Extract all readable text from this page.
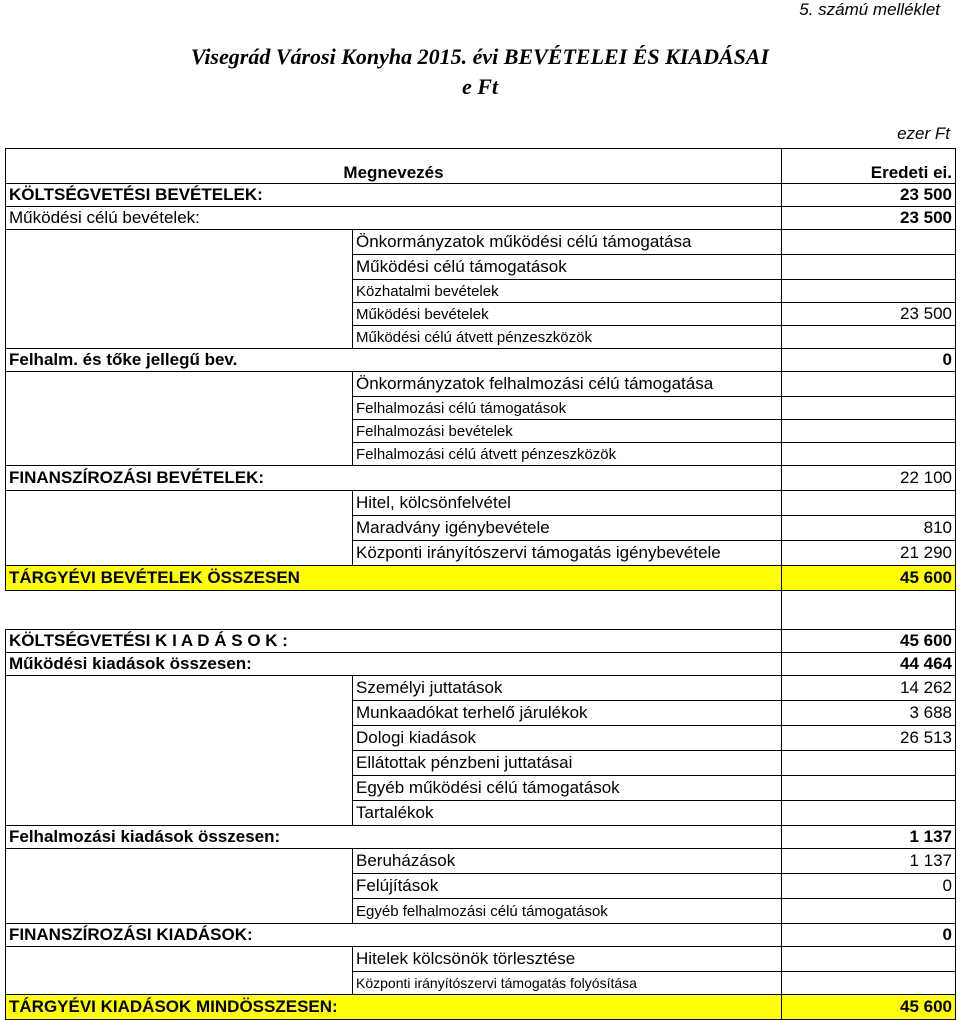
5. számú melléklet
Visegrád Városi Konyha 2015. évi BEVÉTELEI ÉS KIADÁSAI
e Ft
ezer Ft
Megnevezés		Eredeti ei.
KÖLTSÉGVETÉSI BEVÉTELEK:		23 500
Működési célú bevételek:		23 500
	Önkormányzatok működési célú támogatása	
	Működési célú támogatások	
	Közhatalmi bevételek	
	Működési bevételek	23 500
	Működési célú átvett pénzeszközök	
Felhalm. és tőke jellegű bev.		0
	Önkormányzatok felhalmozási célú támogatása	
	Felhalmozási célú támogatások	
	Felhalmozási bevételek	
	Felhalmozási célú átvett pénzeszközök	
FINANSZÍROZÁSI BEVÉTELEK:		22 100
	Hitel, kölcsönfelvétel	
	Maradvány igénybevétele	810
	Központi irányítószervi támogatás igénybevétele	21 290
TÁRGYÉVI BEVÉTELEK ÖSSZESEN		45 600

KÖLTSÉGVETÉSI K I A D Á S O K :		45 600
Működési kiadások összesen:		44 464
	Személyi juttatások	14 262
	Munkaadókat terhelő járulékok	3 688
	Dologi kiadások	26 513
	Ellátottak pénzbeni juttatásai	
	Egyéb működési célú támogatások	
	Tartalékok	
Felhalmozási kiadások összesen:		1 137
	Beruházások	1 137
	Felújítások	0
	Egyéb felhalmozási célú támogatások	
FINANSZÍROZÁSI KIADÁSOK:		0
	Hitelek kölcsönök törlesztése	
	Központi irányítószervi támogatás folyósítása	
TÁRGYÉVI KIADÁSOK MINDÖSSZESEN:		45 600
